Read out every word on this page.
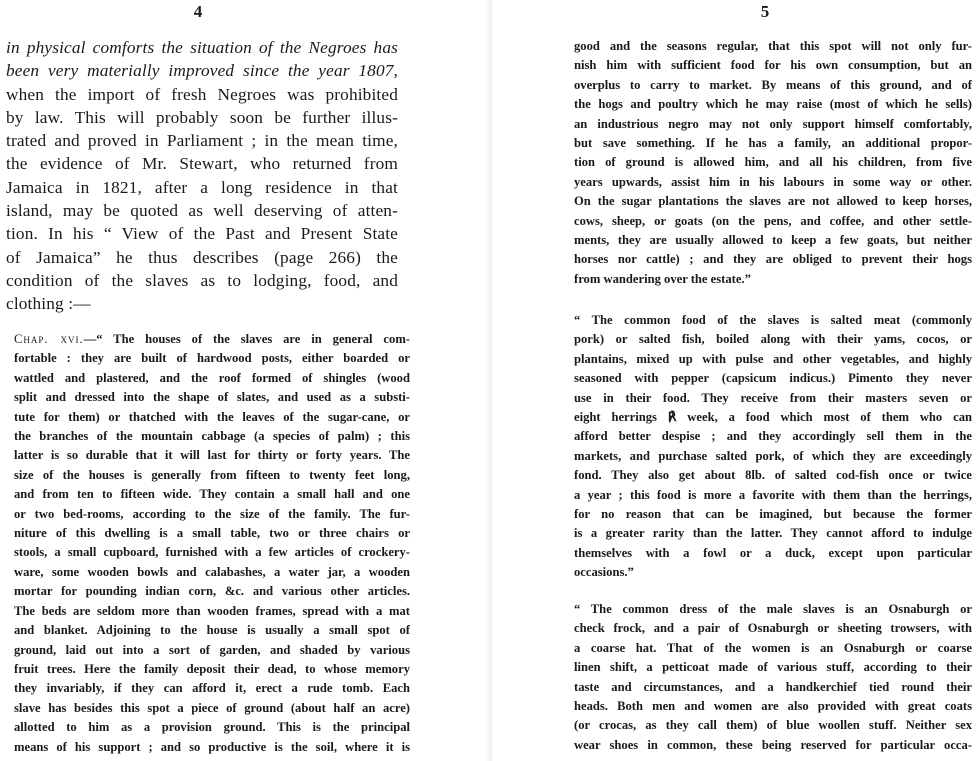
4
in physical comforts the situation of the Negroes has
been very materially improved since the year 1807,
when the import of fresh Negroes was prohibited
by law. This will probably soon be further illus-
trated and proved in Parliament ; in the mean time,
the evidence of Mr. Stewart, who returned from
Jamaica in 1821, after a long residence in that
island, may be quoted as well deserving of atten-
tion. In his “ View of the Past and Present State
of Jamaica” he thus describes (page 266) the
condition of the slaves as to lodging, food, and
clothing :—
Chap. xvi.—“ The houses of the slaves are in general com-
fortable : they are built of hardwood posts, either boarded or
wattled and plastered, and the roof formed of shingles (wood
split and dressed into the shape of slates, and used as a substi-
tute for them) or thatched with the leaves of the sugar-cane, or
the branches of the mountain cabbage (a species of palm) ; this
latter is so durable that it will last for thirty or forty years. The
size of the houses is generally from fifteen to twenty feet long,
and from ten to fifteen wide. They contain a small hall and one
or two bed-rooms, according to the size of the family. The fur-
niture of this dwelling is a small table, two or three chairs or
stools, a small cupboard, furnished with a few articles of crockery-
ware, some wooden bowls and calabashes, a water jar, a wooden
mortar for pounding indian corn, &c. and various other articles.
The beds are seldom more than wooden frames, spread with a mat
and blanket. Adjoining to the house is usually a small spot of
ground, laid out into a sort of garden, and shaded by various
fruit trees. Here the family deposit their dead, to whose memory
they invariably, if they can afford it, erect a rude tomb. Each
slave has besides this spot a piece of ground (about half an acre)
allotted to him as a provision ground. This is the principal
means of his support ; and so productive is the soil, where it is
5
good and the seasons regular, that this spot will not only fur-
nish him with sufficient food for his own consumption, but an
overplus to carry to market. By means of this ground, and of
the hogs and poultry which he may raise (most of which he sells)
an industrious negro may not only support himself comfortably,
but save something. If he has a family, an additional propor-
tion of ground is allowed him, and all his children, from five
years upwards, assist him in his labours in some way or other.
On the sugar plantations the slaves are not allowed to keep horses,
cows, sheep, or goats (on the pens, and coffee, and other settle-
ments, they are usually allowed to keep a few goats, but neither
horses nor cattle) ; and they are obliged to prevent their hogs
from wandering over the estate.”
“ The common food of the slaves is salted meat (commonly
pork) or salted fish, boiled along with their yams, cocos, or
plantains, mixed up with pulse and other vegetables, and highly
seasoned with pepper (capsicum indicus.) Pimento they never
use in their food. They receive from their masters seven or
eight herrings ℟ week, a food which most of them who can
afford better despise ; and they accordingly sell them in the
markets, and purchase salted pork, of which they are exceedingly
fond. They also get about 8lb. of salted cod-fish once or twice
a year ; this food is more a favorite with them than the herrings,
for no reason that can be imagined, but because the former
is a greater rarity than the latter. They cannot afford to indulge
themselves with a fowl or a duck, except upon particular
occasions.”
“ The common dress of the male slaves is an Osnaburgh or
check frock, and a pair of Osnaburgh or sheeting trowsers, with
a coarse hat. That of the women is an Osnaburgh or coarse
linen shift, a petticoat made of various stuff, according to their
taste and circumstances, and a handkerchief tied round their
heads. Both men and women are also provided with great coats
(or crocas, as they call them) of blue woollen stuff. Neither sex
wear shoes in common, these being reserved for particular occa-
